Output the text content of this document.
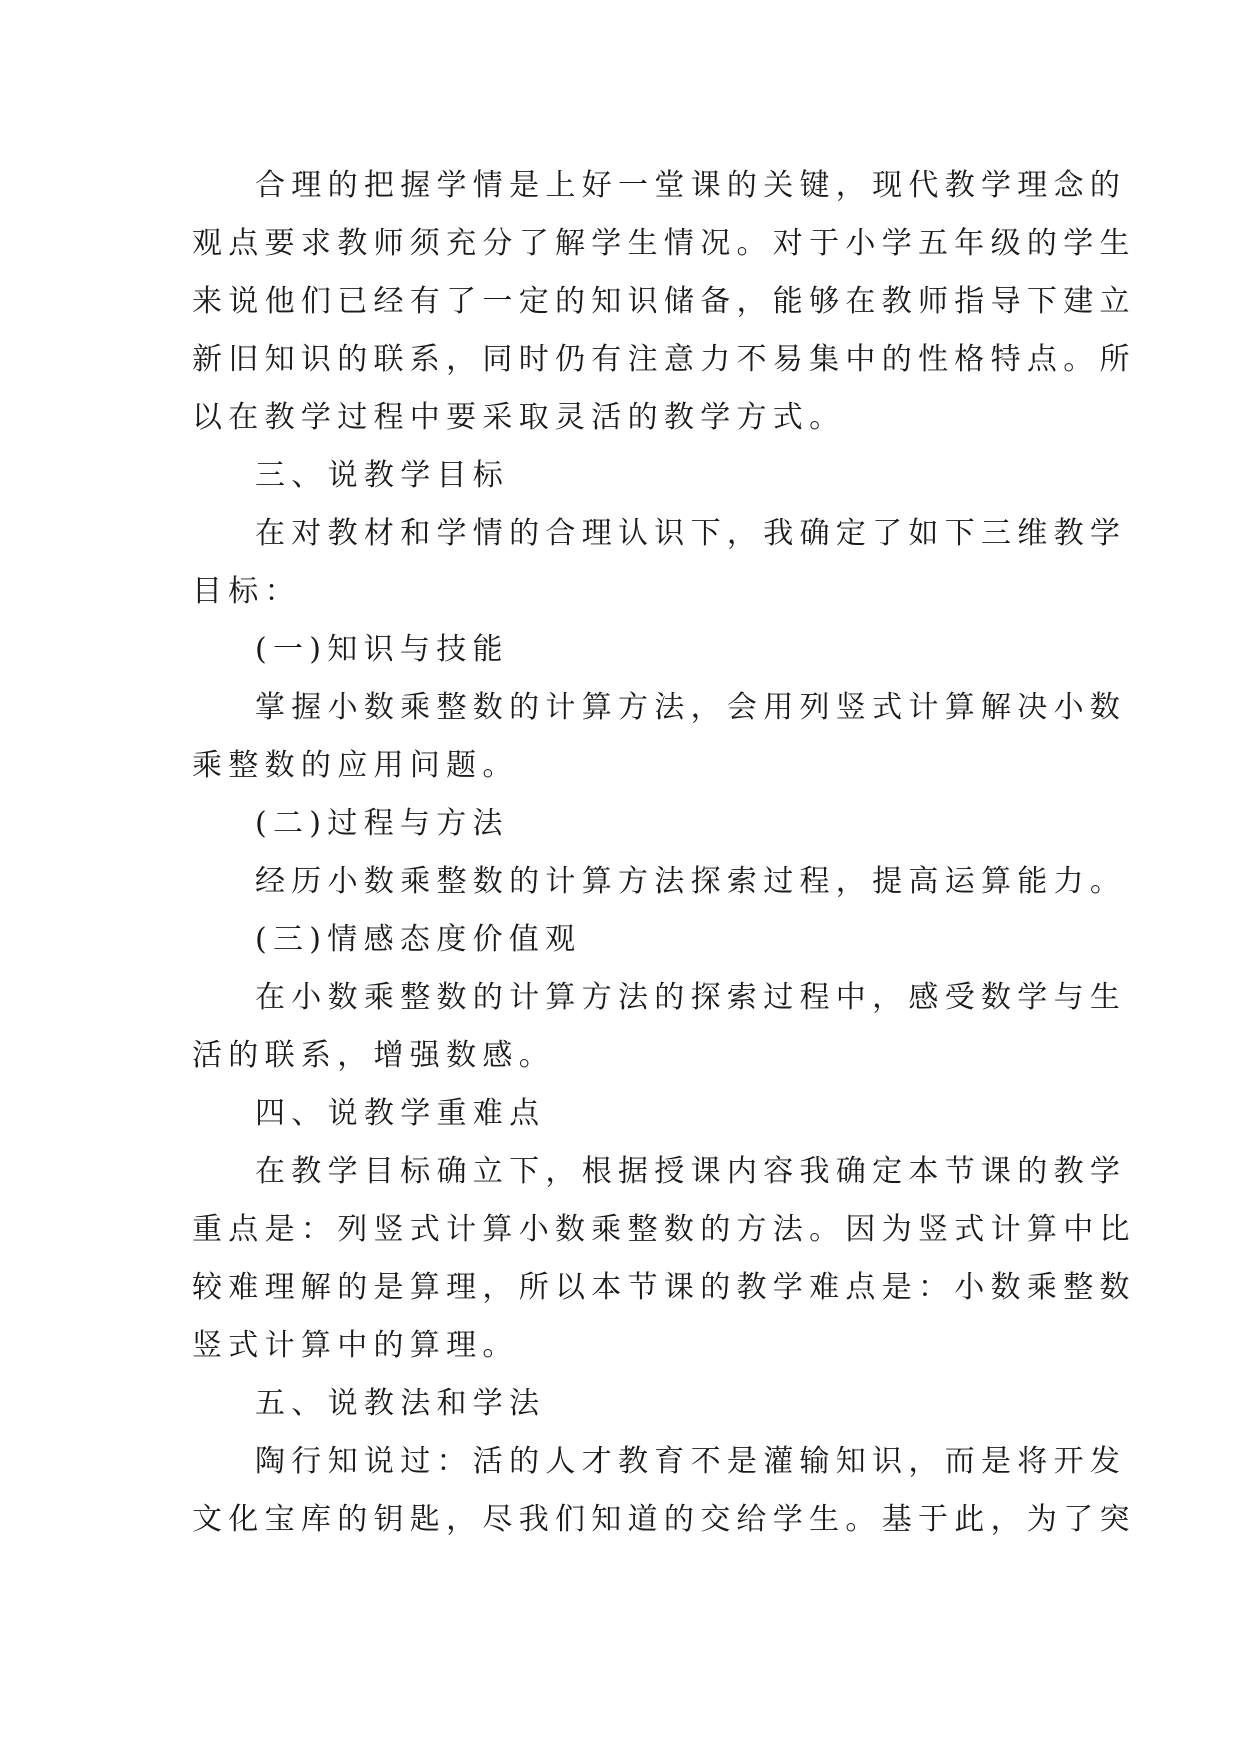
合理的把握学情是上好一堂课的关键，现代教学理念的
观点要求教师须充分了解学生情况。对于小学五年级的学生
来说他们已经有了一定的知识储备，能够在教师指导下建立
新旧知识的联系，同时仍有注意力不易集中的性格特点。所
以在教学过程中要采取灵活的教学方式。
三、说教学目标
在对教材和学情的合理认识下，我确定了如下三维教学
目标：
(一)知识与技能
掌握小数乘整数的计算方法，会用列竖式计算解决小数
乘整数的应用问题。
(二)过程与方法
经历小数乘整数的计算方法探索过程，提高运算能力。
(三)情感态度价值观
在小数乘整数的计算方法的探索过程中，感受数学与生
活的联系，增强数感。
四、说教学重难点
在教学目标确立下，根据授课内容我确定本节课的教学
重点是：列竖式计算小数乘整数的方法。因为竖式计算中比
较难理解的是算理，所以本节课的教学难点是：小数乘整数
竖式计算中的算理。
五、说教法和学法
陶行知说过：活的人才教育不是灌输知识，而是将开发
文化宝库的钥匙，尽我们知道的交给学生。基于此，为了突
